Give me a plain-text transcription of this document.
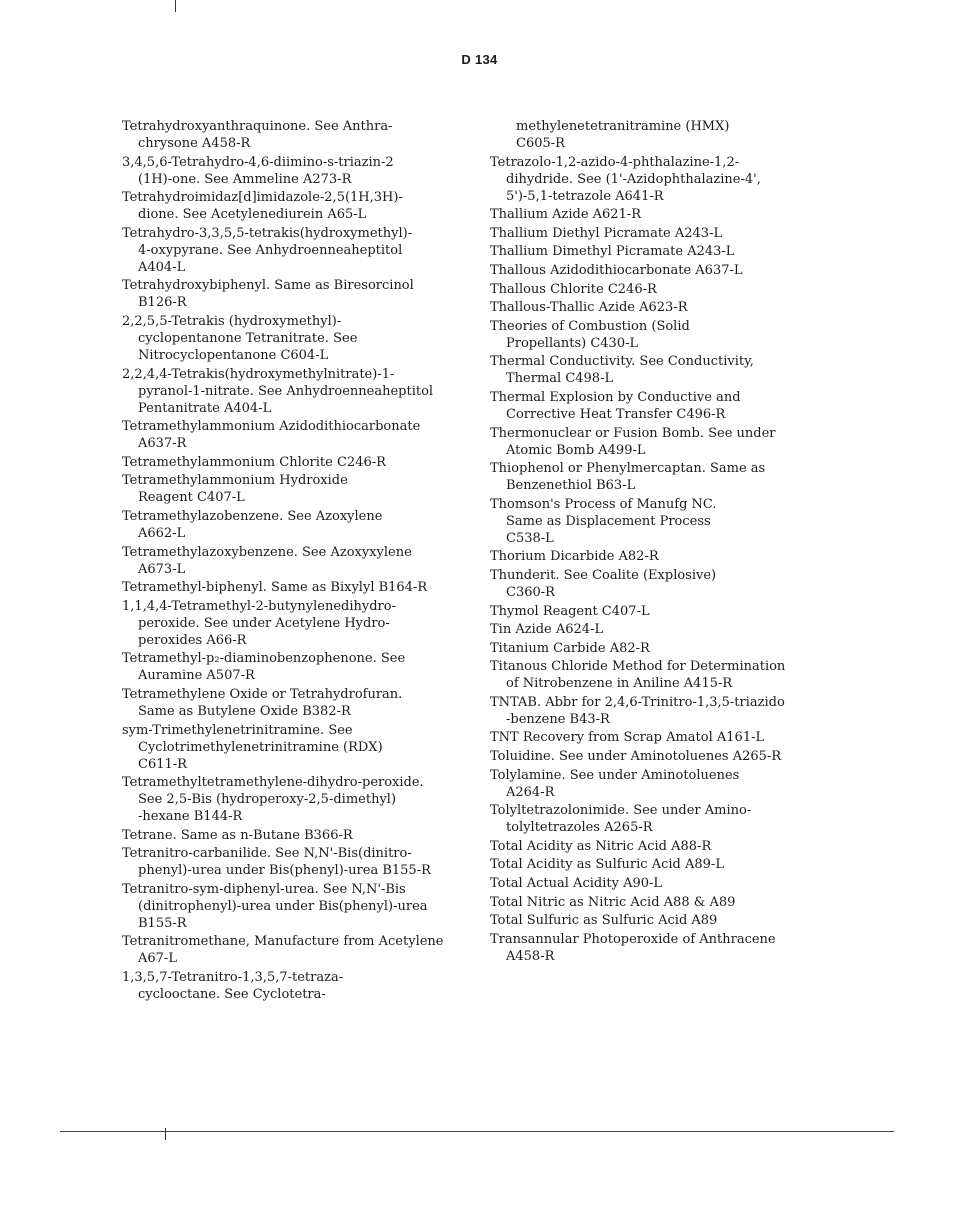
D 134
Tetrahydroxyanthraquinone. See Anthra-
chrysone A458-R
3,4,5,6-Tetrahydro-4,6-diimino-s-triazin-2
(1H)-one. See Ammeline A273-R
Tetrahydroimidaz[d]imidazole-2,5(1H,3H)-
dione. See Acetylenediurein A65-L
Tetrahydro-3,3,5,5-tetrakis(hydroxymethyl)-
4-oxypyrane. See Anhydroenneaheptitol
A404-L
Tetrahydroxybiphenyl. Same as Biresorcinol
B126-R
2,2,5,5-Tetrakis (hydroxymethyl)-
cyclopentanone Tetranitrate. See
Nitrocyclopentanone C604-L
2,2,4,4-Tetrakis(hydroxymethylnitrate)-1-
pyranol-1-nitrate. See Anhydroenneaheptitol
Pentanitrate A404-L
Tetramethylammonium Azidodithiocarbonate
A637-R
Tetramethylammonium Chlorite C246-R
Tetramethylammonium Hydroxide
Reagent C407-L
Tetramethylazobenzene. See Azoxylene
A662-L
Tetramethylazoxybenzene. See Azoxyxylene
A673-L
Tetramethyl-biphenyl. Same as Bixylyl B164-R
1,1,4,4-Tetramethyl-2-butynylenedihydro-
peroxide. See under Acetylene Hydro-
peroxides A66-R
Tetramethyl-p₂-diaminobenzophenone. See
Auramine A507-R
Tetramethylene Oxide or Tetrahydrofuran.
Same as Butylene Oxide B382-R
sym-Trimethylenetrinitramine. See
Cyclotrimethylenetrinitramine (RDX)
C611-R
Tetramethyltetramethylene-dihydro-peroxide.
See 2,5-Bis (hydroperoxy-2,5-dimethyl)
-hexane B144-R
Tetrane. Same as n-Butane B366-R
Tetranitro-carbanilide. See N,N'-Bis(dinitro-
phenyl)-urea under Bis(phenyl)-urea B155-R
Tetranitro-sym-diphenyl-urea. See N,N'-Bis
(dinitrophenyl)-urea under Bis(phenyl)-urea
B155-R
Tetranitromethane, Manufacture from Acetylene
A67-L
1,3,5,7-Tetranitro-1,3,5,7-tetraza-
cyclooctane. See Cyclotetra-
methylenetetranitramine (HMX)
C605-R
Tetrazolo-1,2-azido-4-phthalazine-1,2-
dihydride. See (1'-Azidophthalazine-4',
5')-5,1-tetrazole A641-R
Thallium Azide A621-R
Thallium Diethyl Picramate A243-L
Thallium Dimethyl Picramate A243-L
Thallous Azidodithiocarbonate A637-L
Thallous Chlorite C246-R
Thallous-Thallic Azide A623-R
Theories of Combustion (Solid
Propellants) C430-L
Thermal Conductivity. See Conductivity,
Thermal C498-L
Thermal Explosion by Conductive and
Corrective Heat Transfer C496-R
Thermonuclear or Fusion Bomb. See under
Atomic Bomb A499-L
Thiophenol or Phenylmercaptan. Same as
Benzenethiol B63-L
Thomson's Process of Manufg NC.
Same as Displacement Process
C538-L
Thorium Dicarbide A82-R
Thunderit. See Coalite (Explosive)
C360-R
Thymol Reagent C407-L
Tin Azide A624-L
Titanium Carbide A82-R
Titanous Chloride Method for Determination
of Nitrobenzene in Aniline A415-R
TNTAB. Abbr for 2,4,6-Trinitro-1,3,5-triazido
-benzene B43-R
TNT Recovery from Scrap Amatol A161-L
Toluidine. See under Aminotoluenes A265-R
Tolylamine. See under Aminotoluenes
A264-R
Tolyltetrazolonimide. See under Amino-
tolyltetrazoles A265-R
Total Acidity as Nitric Acid A88-R
Total Acidity as Sulfuric Acid A89-L
Total Actual Acidity A90-L
Total Nitric as Nitric Acid A88 & A89
Total Sulfuric as Sulfuric Acid A89
Transannular Photoperoxide of Anthracene
A458-R
